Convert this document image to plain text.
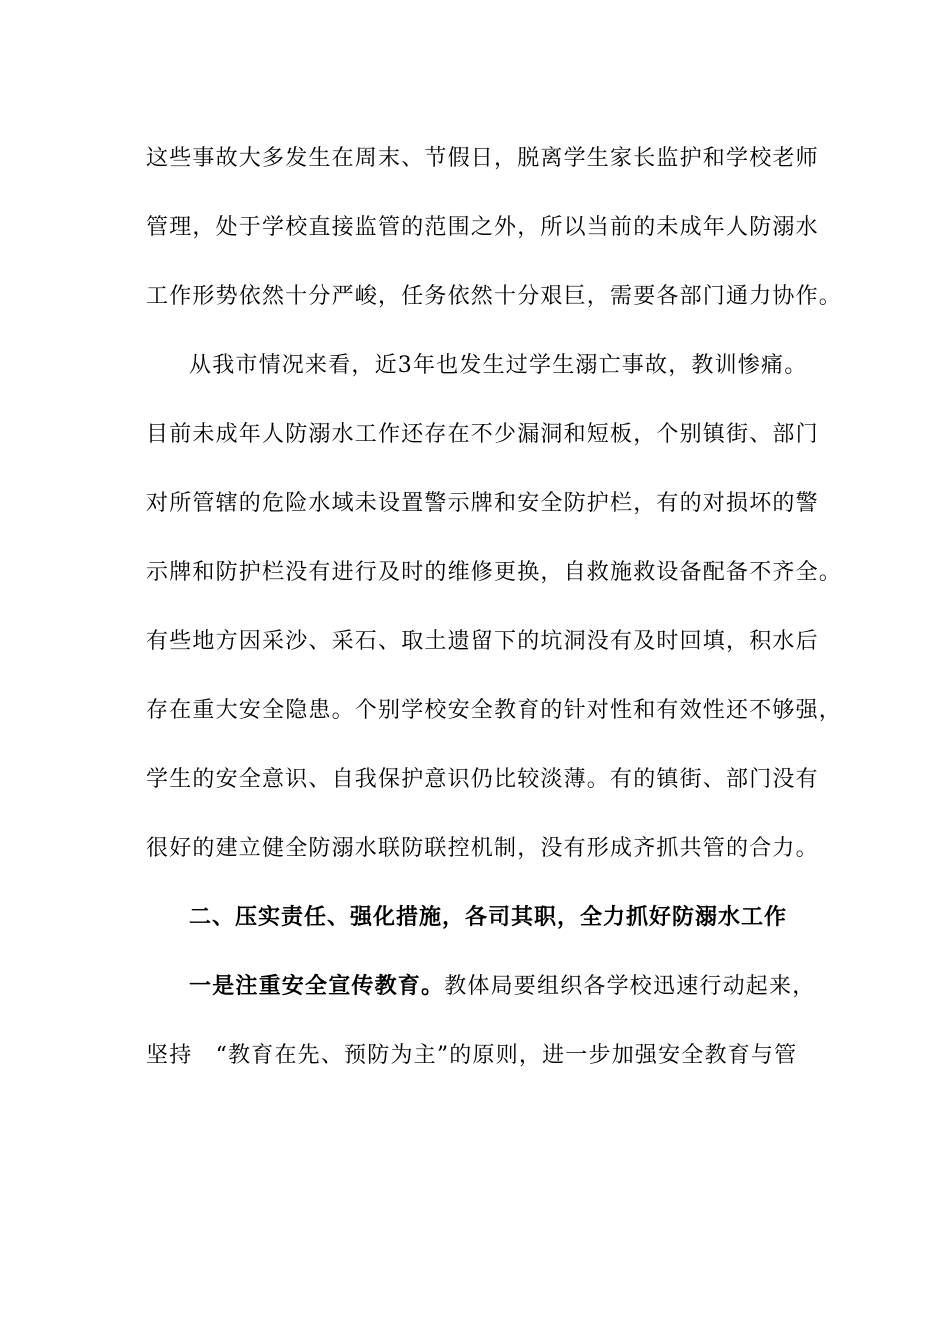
这些事故大多发生在周末、节假日，脱离学生家长监护和学校老师
管理，处于学校直接监管的范围之外，所以当前的未成年人防溺水
工作形势依然十分严峻，任务依然十分艰巨，需要各部门通力协作。
从我市情况来看，近3年也发生过学生溺亡事故，教训惨痛。
目前未成年人防溺水工作还存在不少漏洞和短板，个别镇街、部门
对所管辖的危险水域未设置警示牌和安全防护栏，有的对损坏的警
示牌和防护栏没有进行及时的维修更换，自救施救设备配备不齐全。
有些地方因采沙、采石、取土遗留下的坑洞没有及时回填，积水后
存在重大安全隐患。个别学校安全教育的针对性和有效性还不够强，
学生的安全意识、自我保护意识仍比较淡薄。有的镇街、部门没有
很好的建立健全防溺水联防联控机制，没有形成齐抓共管的合力。
二、压实责任、强化措施，各司其职，全力抓好防溺水工作
一是注重安全宣传教育。教体局要组织各学校迅速行动起来，
坚持　“教育在先、预防为主”的原则，进一步加强安全教育与管
